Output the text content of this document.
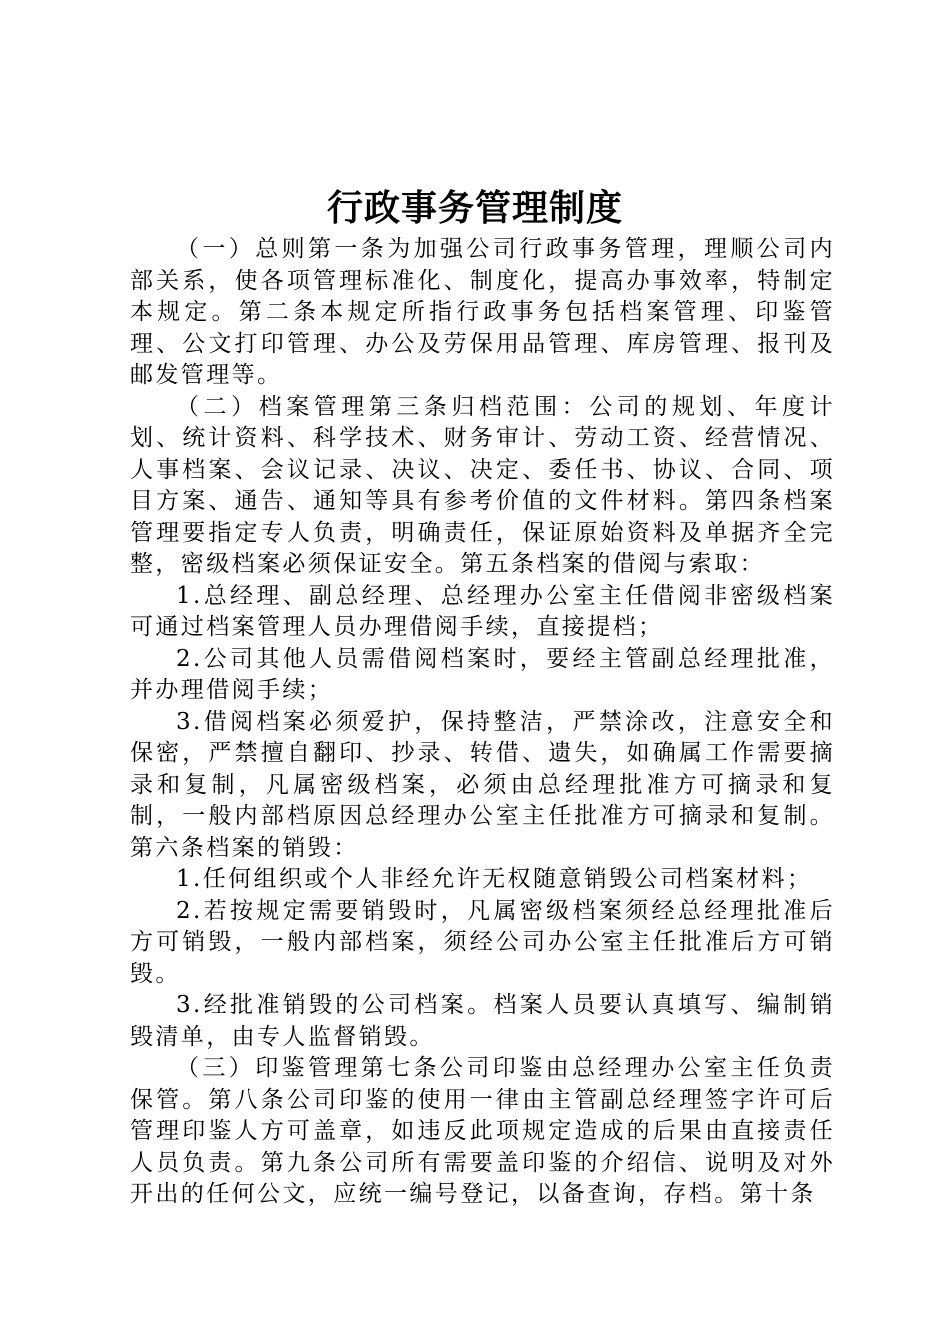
行政事务管理制度

（一）总则第一条为加强公司行政事务管理，理顺公司内部关系，使各项管理标准化、制度化，提高办事效率，特制定本规定。第二条本规定所指行政事务包括档案管理、印鉴管理、公文打印管理、办公及劳保用品管理、库房管理、报刊及邮发管理等。

（二）档案管理第三条归档范围：公司的规划、年度计划、统计资料、科学技术、财务审计、劳动工资、经营情况、人事档案、会议记录、决议、决定、委任书、协议、合同、项目方案、通告、通知等具有参考价值的文件材料。第四条档案管理要指定专人负责，明确责任，保证原始资料及单据齐全完整，密级档案必须保证安全。第五条档案的借阅与索取：

1.总经理、副总经理、总经理办公室主任借阅非密级档案可通过档案管理人员办理借阅手续，直接提档；

2.公司其他人员需借阅档案时，要经主管副总经理批准，并办理借阅手续；

3.借阅档案必须爱护，保持整洁，严禁涂改，注意安全和保密，严禁擅自翻印、抄录、转借、遗失，如确属工作需要摘录和复制，凡属密级档案，必须由总经理批准方可摘录和复制，一般内部档原因总经理办公室主任批准方可摘录和复制。第六条档案的销毁：

1.任何组织或个人非经允许无权随意销毁公司档案材料；

2.若按规定需要销毁时，凡属密级档案须经总经理批准后方可销毁，一般内部档案，须经公司办公室主任批准后方可销毁。

3.经批准销毁的公司档案。档案人员要认真填写、编制销毁清单，由专人监督销毁。

（三）印鉴管理第七条公司印鉴由总经理办公室主任负责保管。第八条公司印鉴的使用一律由主管副总经理签字许可后管理印鉴人方可盖章，如违反此项规定造成的后果由直接责任人员负责。第九条公司所有需要盖印鉴的介绍信、说明及对外开出的任何公文，应统一编号登记，以备查询，存档。第十条
